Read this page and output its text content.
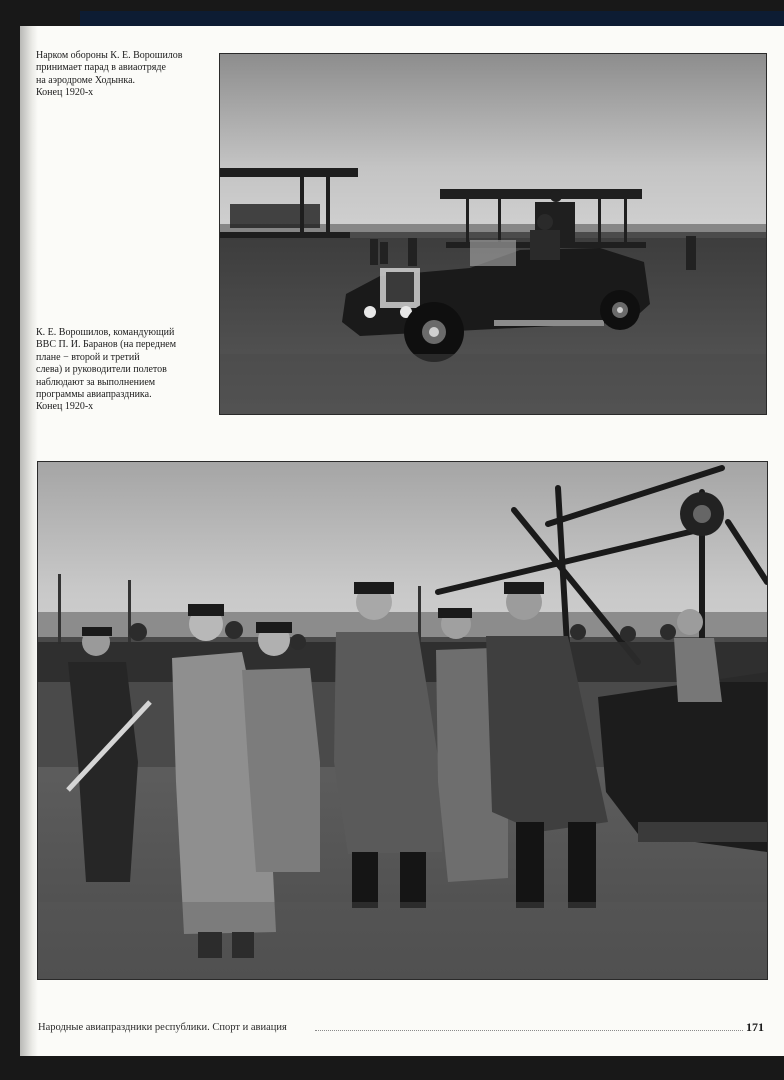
Нарком обороны К. Е. Ворошилов
принимает парад в авиаотряде
на аэродроме Ходынка.
Конец 1920-х
К. Е. Ворошилов, командующий
ВВС П. И. Баранов (на переднем
плане − второй и третий
слева) и руководители полетов
наблюдают за выполнением
программы авиапраздника.
Конец 1920-х
Народные авиапраздники республики. Спорт и авиация	171
